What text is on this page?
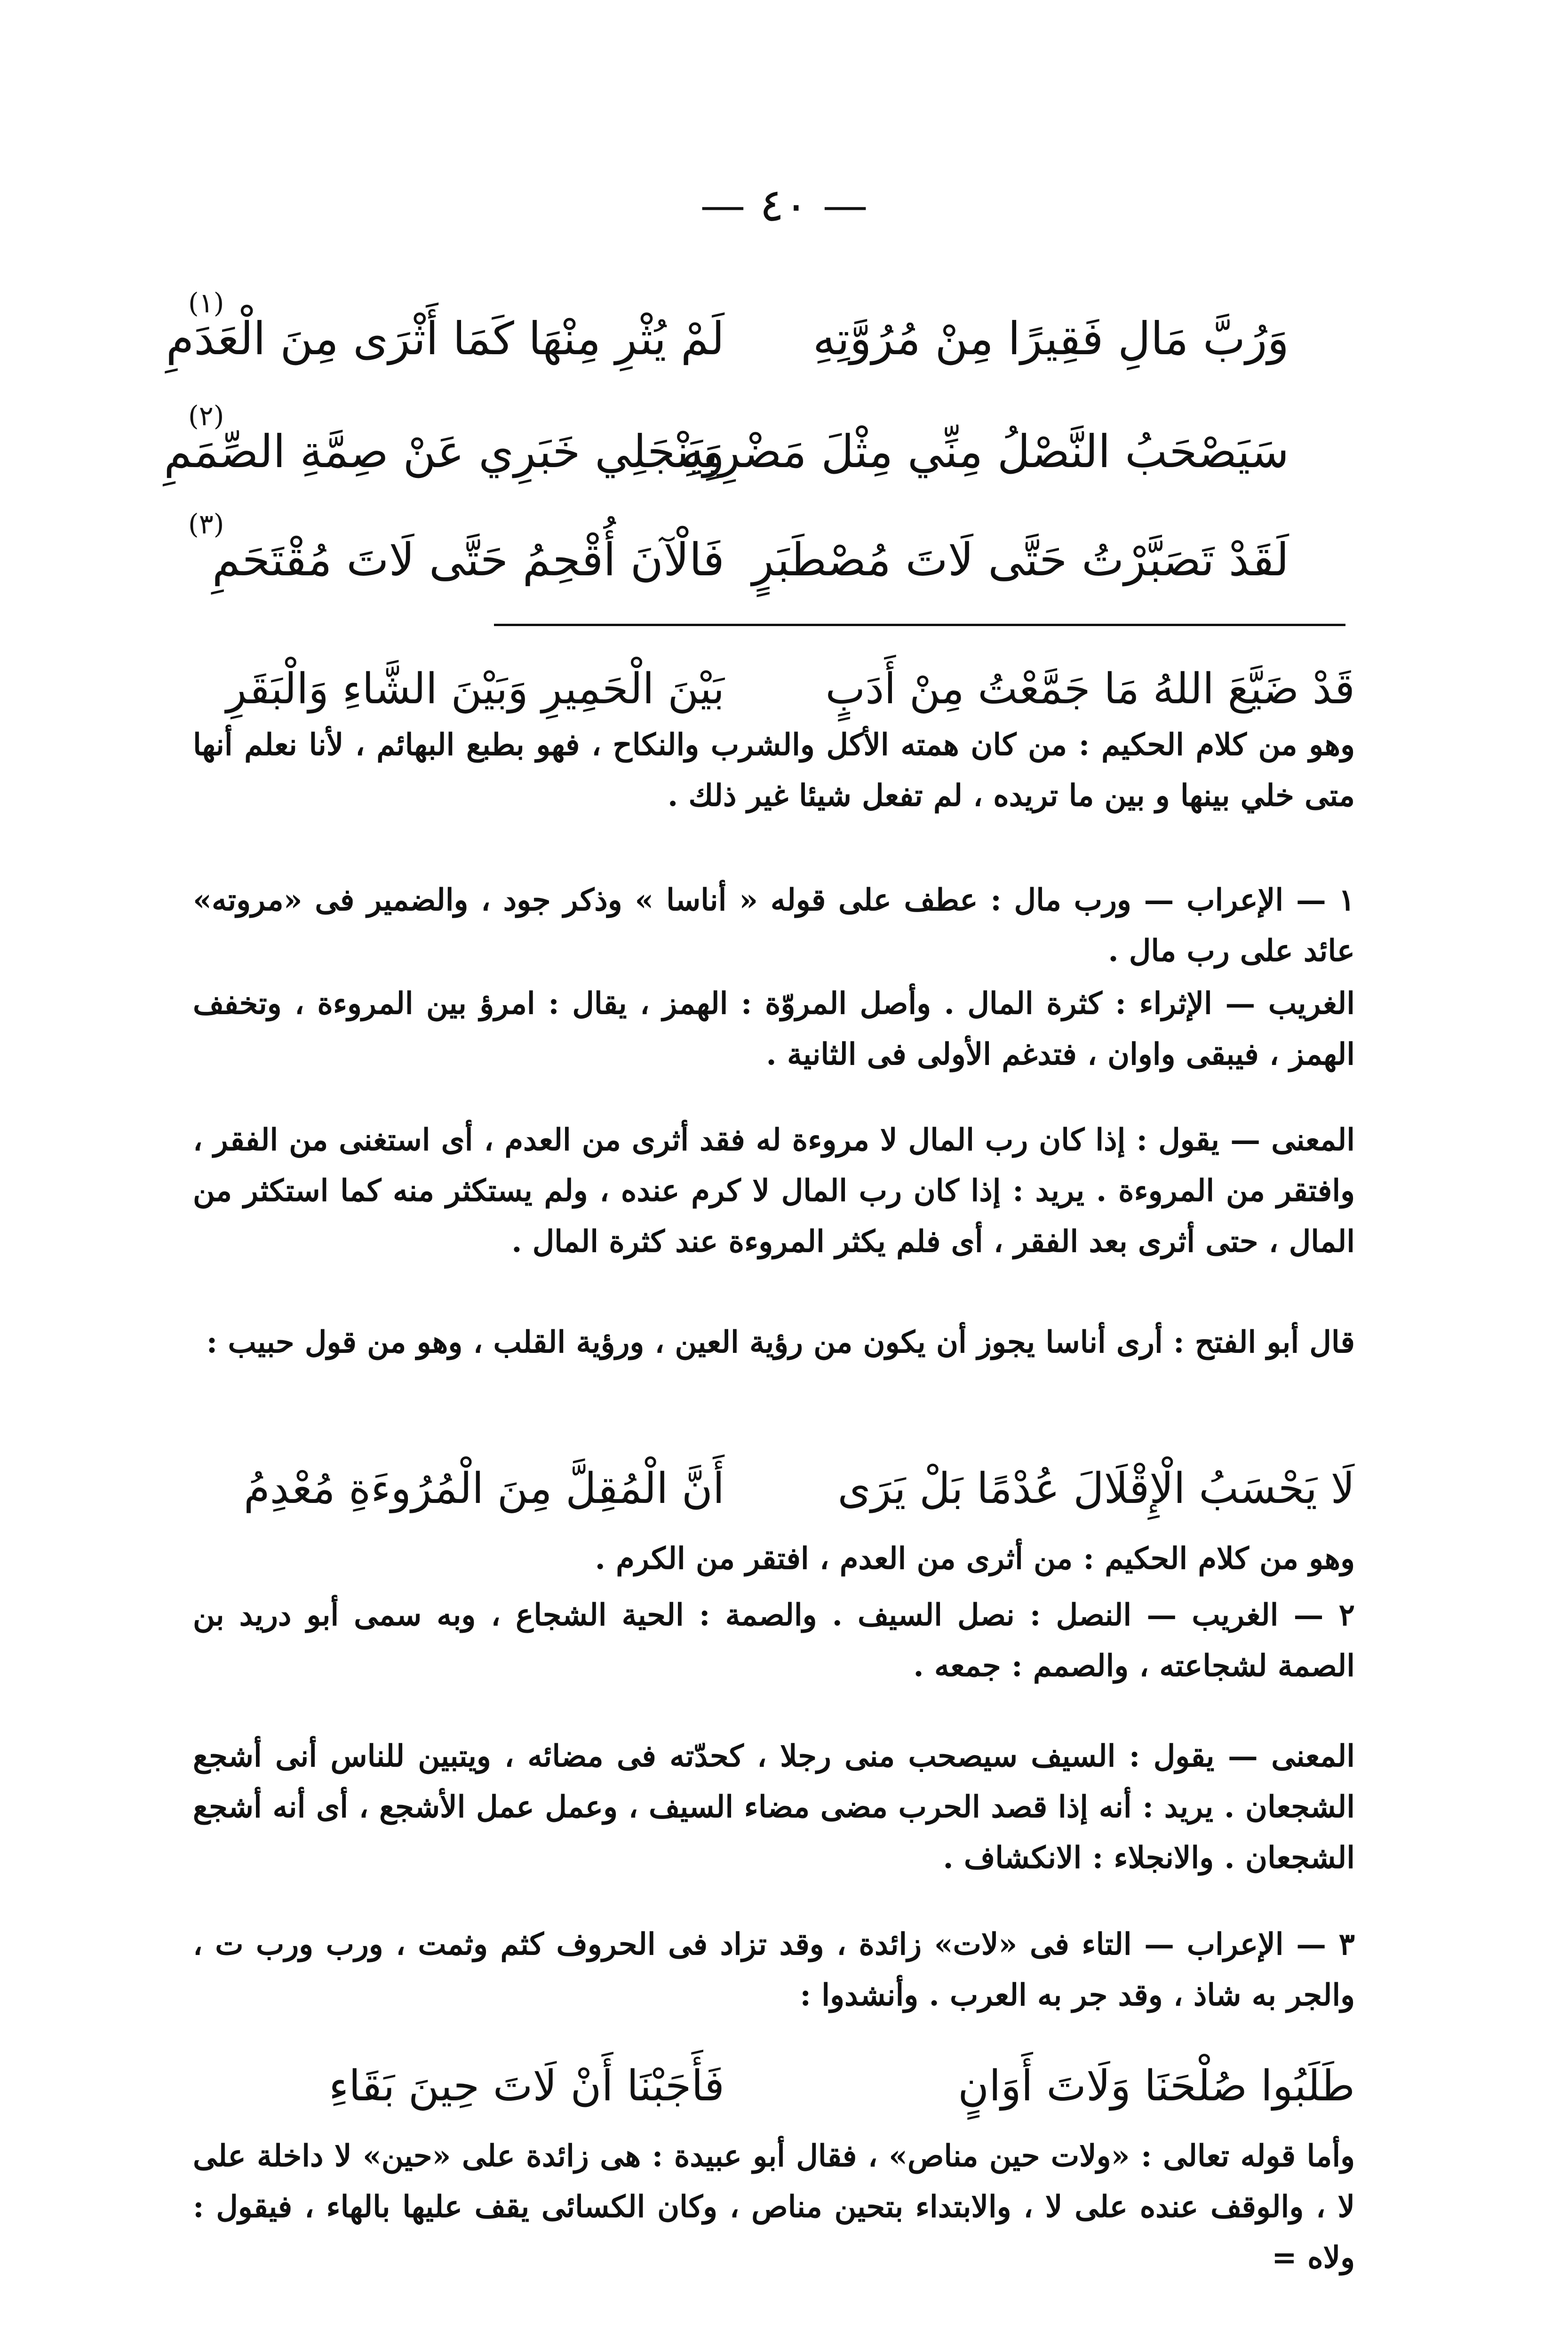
— ٤٠ —
وَرُبَّ مَالِ فَقِيرًا مِنْ مُرُوَّتِهِ
لَمْ يُثْرِ مِنْهَا كَمَا أَثْرَى مِنَ الْعَدَمِ
(١)
سَيَصْحَبُ النَّصْلُ مِنِّي مِثْلَ مَضْرِبِهِ
وَيَنْجَلِي خَبَرِي عَنْ صِمَّةِ الصِّمَمِ
(٢)
لَقَدْ تَصَبَّرْتُ حَتَّى لَاتَ مُصْطَبَرٍ
فَالْآنَ أُقْحِمُ حَتَّى لَاتَ مُقْتَحَمِ
(٣)
قَدْ ضَيَّعَ اللهُ مَا جَمَّعْتُ مِنْ أَدَبٍ
بَيْنَ الْحَمِيرِ وَبَيْنَ الشَّاءِ وَالْبَقَرِ

وهو من كلام الحكيم : من كان همته الأكل والشرب والنكاح ، فهو بطبع البهائم ، لأنا نعلم أنها متى خلي بينها و بين ما تريده ، لم تفعل شيئا غير ذلك .

١ — الإعراب — ورب مال : عطف على قوله « أناسا » وذكر جود ، والضمير فى «مروته» عائد على رب مال .

الغريب — الإثراء : كثرة المال . وأصل المروّة : الهمز ، يقال : امرؤ بين المروءة ، وتخفف الهمز ، فيبقى واوان ، فتدغم الأولى فى الثانية .

المعنى — يقول : إذا كان رب المال لا مروءة له فقد أثرى من العدم ، أى استغنى من الفقر ، وافتقر من المروءة . يريد : إذا كان رب المال لا كرم عنده ، ولم يستكثر منه كما استكثر من المال ، حتى أثرى بعد الفقر ، أى فلم يكثر المروءة عند كثرة المال .

قال أبو الفتح : أرى أناسا يجوز أن يكون من رؤية العين ، ورؤية القلب ، وهو من قول حبيب :

لَا يَحْسَبُ الْإِقْلَالَ عُدْمًا بَلْ يَرَى
أَنَّ الْمُقِلَّ مِنَ الْمُرُوءَةِ مُعْدِمُ

وهو من كلام الحكيم : من أثرى من العدم ، افتقر من الكرم .

٢ — الغريب — النصل : نصل السيف . والصمة : الحية الشجاع ، وبه سمى أبو دريد بن الصمة لشجاعته ، والصمم : جمعه .

المعنى — يقول : السيف سيصحب منى رجلا ، كحدّته فى مضائه ، ويتبين للناس أنى أشجع الشجعان . يريد : أنه إذا قصد الحرب مضى مضاء السيف ، وعمل عمل الأشجع ، أى أنه أشجع الشجعان . والانجلاء : الانكشاف .

٣ — الإعراب — التاء فى «لات» زائدة ، وقد تزاد فى الحروف كثم وثمت ، ورب ورب ت ، والجر به شاذ ، وقد جر به العرب . وأنشدوا :

طَلَبُوا صُلْحَنَا وَلَاتَ أَوَانٍ
فَأَجَبْنَا أَنْ لَاتَ حِينَ بَقَاءِ

وأما قوله تعالى : «ولات حين مناص» ، فقال أبو عبيدة : هى زائدة على «حين» لا داخلة على لا ، والوقف عنده على لا ، والابتداء بتحين مناص ، وكان الكسائى يقف عليها بالهاء ، فيقول : ولاه =
